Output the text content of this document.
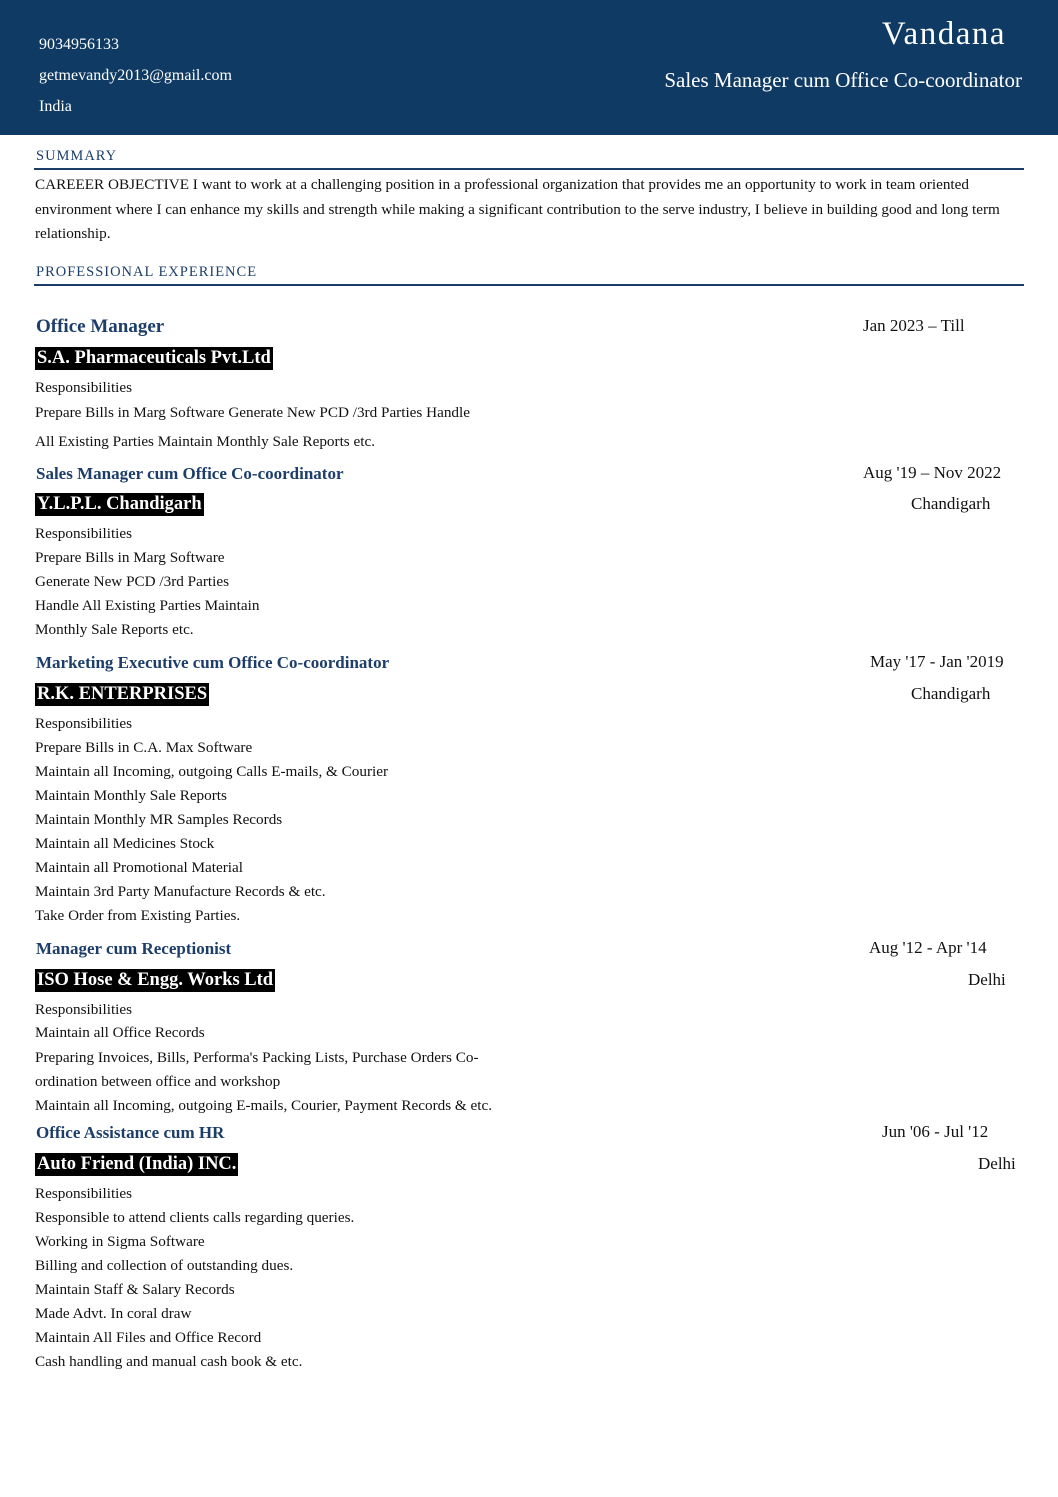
9034956133
getmevandy2013@gmail.com
India
Vandana
Sales Manager cum Office Co-coordinator
SUMMARY
CAREEER OBJECTIVE I want to work at a challenging position in a professional organization that provides me an opportunity to work in team oriented environment where I can enhance my skills and strength while making a significant contribution to the serve industry, I believe in building good and long term relationship.
PROFESSIONAL EXPERIENCE
Office Manager	Jan 2023 – Till
S.A. Pharmaceuticals Pvt.Ltd
Responsibilities
Prepare Bills in Marg Software Generate New PCD /3rd Parties Handle
All Existing Parties Maintain Monthly Sale Reports etc.
Sales Manager cum Office Co-coordinator	Aug '19 – Nov 2022
Y.L.P.L. Chandigarh	Chandigarh
Responsibilities
Prepare Bills in Marg Software
Generate New PCD /3rd Parties
Handle All Existing Parties Maintain
Monthly Sale Reports etc.
Marketing Executive cum Office Co-coordinator	May '17 - Jan '2019
R.K. ENTERPRISES	Chandigarh
Responsibilities
Prepare Bills in C.A. Max Software
Maintain all Incoming, outgoing Calls E-mails, & Courier
Maintain Monthly Sale Reports
Maintain Monthly MR Samples Records
Maintain all Medicines Stock
Maintain all Promotional Material
Maintain 3rd Party Manufacture Records & etc.
Take Order from Existing Parties.
Manager cum Receptionist	Aug '12 - Apr '14
ISO Hose & Engg. Works Ltd	Delhi
Responsibilities
Maintain all Office Records
Preparing Invoices, Bills, Performa's Packing Lists, Purchase Orders Co-
ordination between office and workshop
Maintain all Incoming, outgoing E-mails, Courier, Payment Records & etc.
Office Assistance cum HR	Jun '06 - Jul '12
Auto Friend (India) INC.	Delhi
Responsibilities
Responsible to attend clients calls regarding queries.
Working in Sigma Software
Billing and collection of outstanding dues.
Maintain Staff & Salary Records
Made Advt. In coral draw
Maintain All Files and Office Record
Cash handling and manual cash book & etc.
